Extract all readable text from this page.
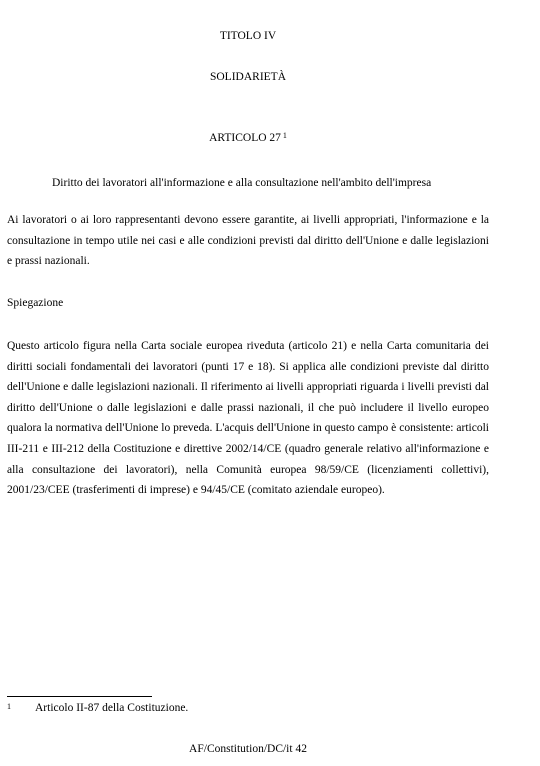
TITOLO IV
SOLIDARIETÀ
ARTICOLO 27 $^1$
Diritto dei lavoratori all'informazione e alla consultazione nell'ambito dell'impresa

Ai lavoratori o ai loro rappresentanti devono essere garantite, ai livelli appropriati, l'informazione e la consultazione in tempo utile nei casi e alle condizioni previsti dal diritto dell'Unione e dalle legislazioni e prassi nazionali.

Spiegazione

Questo articolo figura nella Carta sociale europea riveduta (articolo 21) e nella Carta comunitaria dei diritti sociali fondamentali dei lavoratori (punti 17 e 18). Si applica alle condizioni previste dal diritto dell'Unione e dalle legislazioni nazionali. Il riferimento ai livelli appropriati riguarda i livelli previsti dal diritto dell'Unione o dalle legislazioni e dalle prassi nazionali, il che può includere il livello europeo qualora la normativa dell'Unione lo preveda. L'acquis dell'Unione in questo campo è consistente: articoli III-211 e III-212 della Costituzione e direttive 2002/14/CE (quadro generale relativo all'informazione e alla consultazione dei lavoratori), nella Comunità europea 98/59/CE (licenziamenti collettivi), 2001/23/CEE (trasferimenti di imprese) e 94/45/CE (comitato aziendale europeo).

1 Articolo II-87 della Costituzione.
AF/Constitution/DC/it 42
